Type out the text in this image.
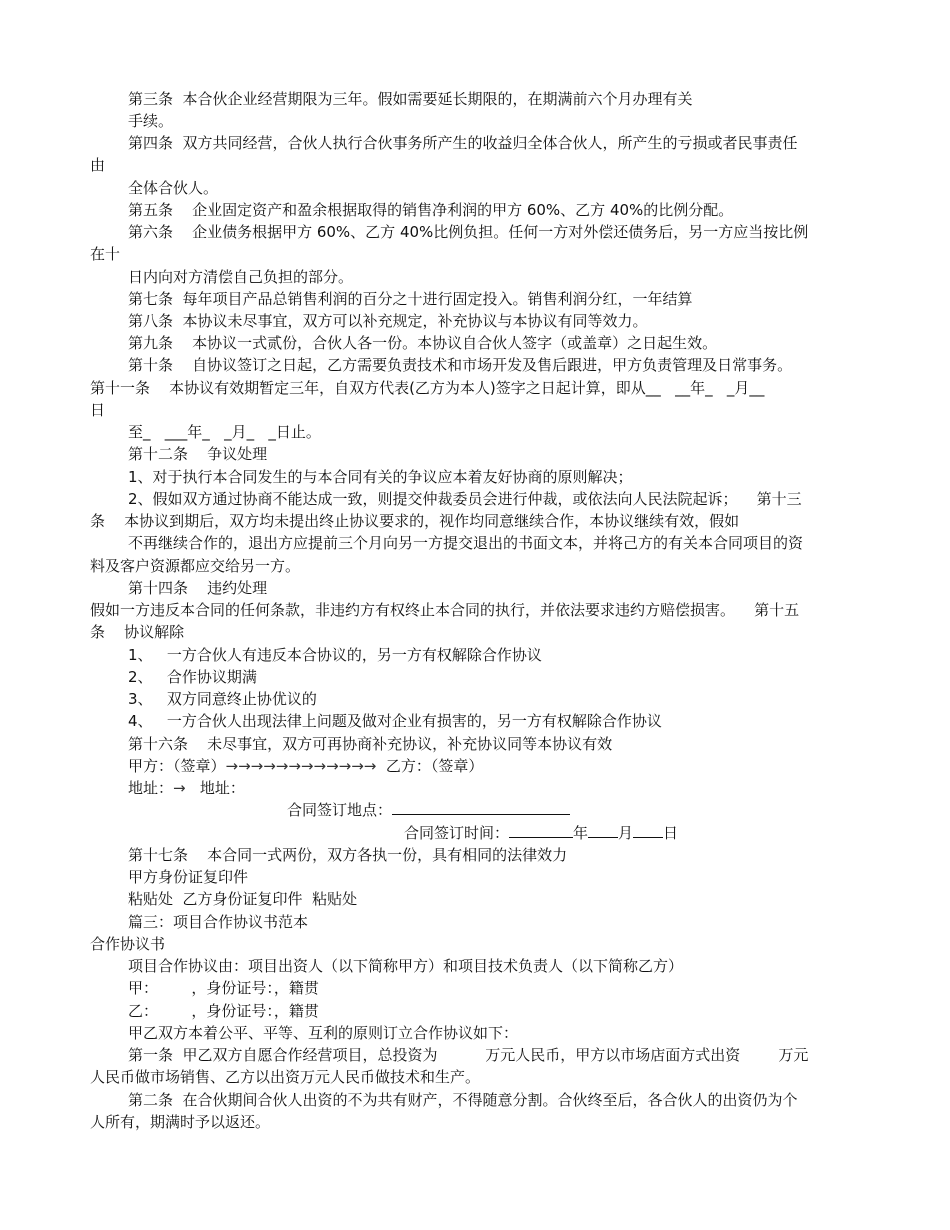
第三条  本合伙企业经营期限为三年。假如需要延长期限的，在期满前六个月办理有关
手续。
第四条  双方共同经营，合伙人执行合伙事务所产生的收益归全体合伙人，所产生的亏损或者民事责任
由
全体合伙人。
第五条    企业固定资产和盈余根据取得的销售净利润的甲方 60%、乙方 40%的比例分配。
第六条    企业债务根据甲方 60%、乙方 40%比例负担。任何一方对外偿还债务后，另一方应当按比例
在十
日内向对方清偿自己负担的部分。
第七条  每年项目产品总销售利润的百分之十进行固定投入。销售利润分红，一年结算
第八条  本协议未尽事宜，双方可以补充规定，补充协议与本协议有同等效力。
第九条    本协议一式贰份，合伙人各一份。本协议自合伙人签字（或盖章）之日起生效。
第十条    自协议签订之日起，乙方需要负责技术和市场开发及售后跟进，甲方负责管理及日常事务。
第十一条    本协议有效期暂定三年，自双方代表(乙方为本人)签字之日起计算，即从__   __年_   _月__
日
至_   ___年_   _月_   _日止。
第十二条    争议处理
1、对于执行本合同发生的与本合同有关的争议应本着友好协商的原则解决；
2、假如双方通过协商不能达成一致，则提交仲裁委员会进行仲裁，或依法向人民法院起诉；    第十三
条    本协议到期后，双方均未提出终止协议要求的，视作均同意继续合作，本协议继续有效，假如
不再继续合作的，退出方应提前三个月向另一方提交退出的书面文本，并将己方的有关本合同项目的资
料及客户资源都应交给另一方。
第十四条    违约处理
假如一方违反本合同的任何条款，非违约方有权终止本合同的执行，并依法要求违约方赔偿损害。    第十五
条    协议解除
1、   一方合伙人有违反本合协议的，另一方有权解除合作协议
2、   合作协议期满
3、   双方同意终止协优议的
4、   一方合伙人出现法律上问题及做对企业有损害的，另一方有权解除合作协议
第十六条    未尽事宜，双方可再协商补充协议，补充协议同等本协议有效
甲方：（签章）→→→→→→→→→→→→ 乙方：（签章）
地址：→ 地址：
合同签订地点：
合同签订时间：	年 月 日
第十七条    本合同一式两份，双方各执一份，具有相同的法律效力
甲方身份证复印件
粘贴处  乙方身份证复印件  粘贴处
篇三：项目合作协议书范本
合作协议书
项目合作协议由：项目出资人（以下简称甲方）和项目技术负责人（以下简称乙方）
甲：       ，身份证号：，籍贯
乙：       ，身份证号：，籍贯
甲乙双方本着公平、平等、互利的原则订立合作协议如下：
第一条  甲乙双方自愿合作经营项目，总投资为          万元人民币，甲方以市场店面方式出资        万元
人民币做市场销售、乙方以出资万元人民币做技术和生产。
第二条  在合伙期间合伙人出资的不为共有财产，不得随意分割。合伙终至后，各合伙人的出资仍为个
人所有，期满时予以返还。
